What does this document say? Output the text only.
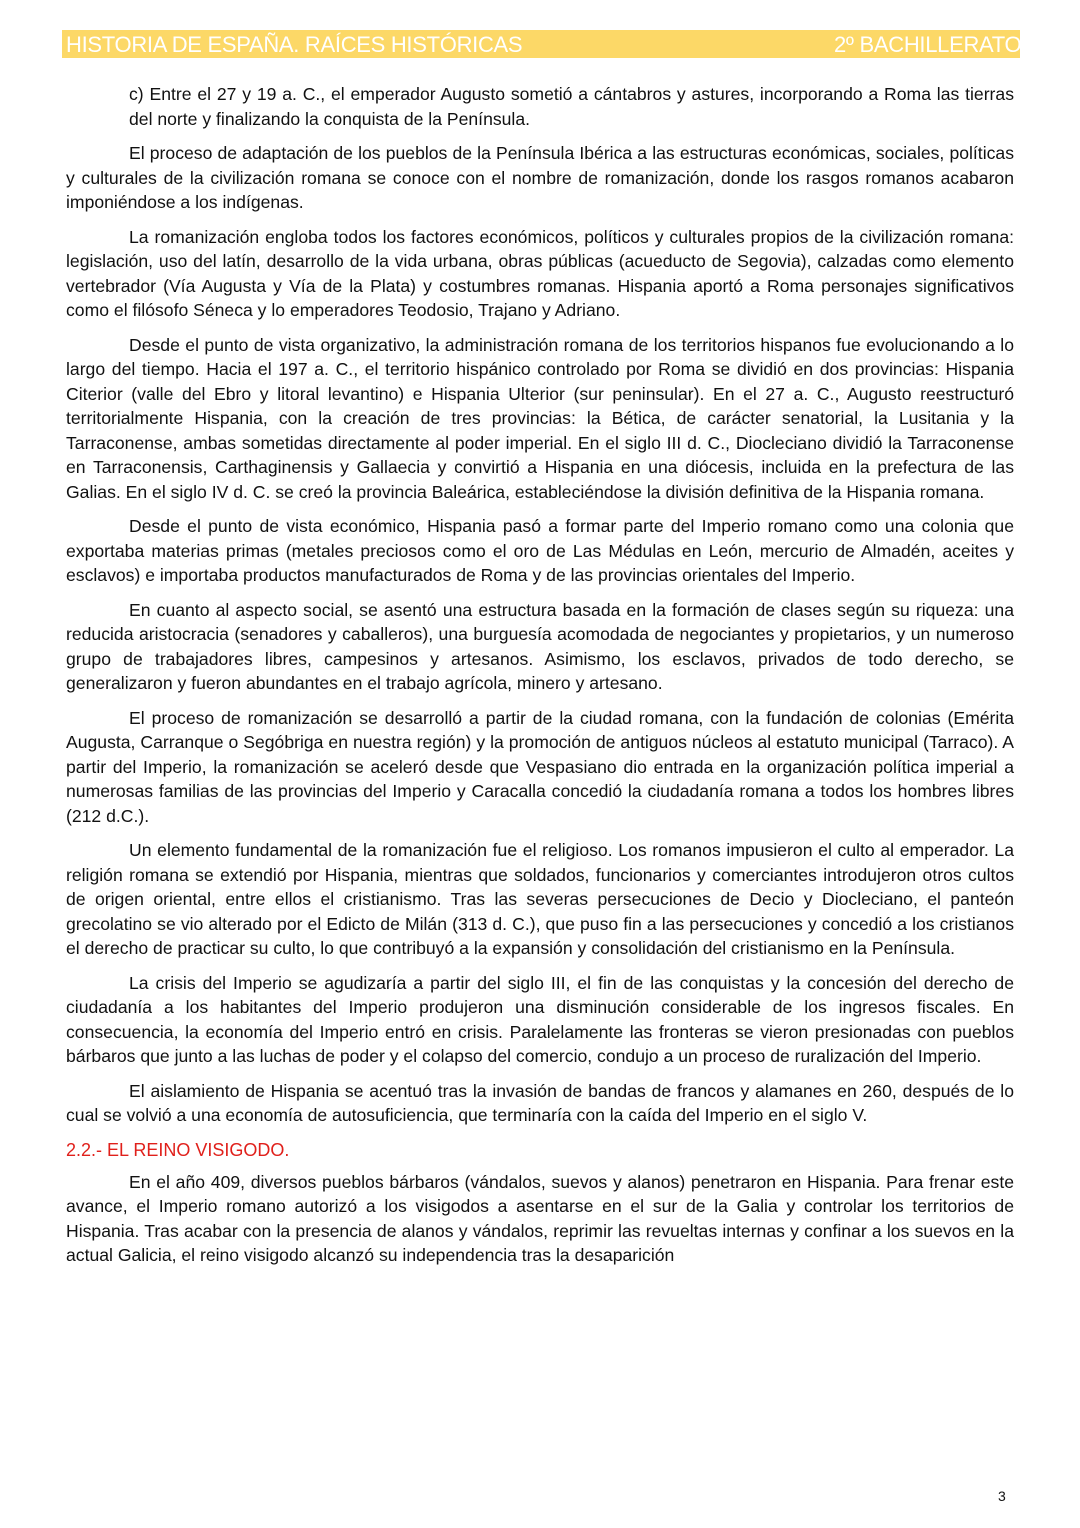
HISTORIA DE ESPAÑA. RAÍCES HISTÓRICAS	2º BACHILLERATO

c) Entre el 27 y 19 a. C., el emperador Augusto sometió a cántabros y astures, incorporando a Roma las tierras del norte y finalizando la conquista de la Península.

El proceso de adaptación de los pueblos de la Península Ibérica a las estructuras económicas, sociales, políticas y culturales de la civilización romana se conoce con el nombre de romanización, donde los rasgos romanos acabaron imponiéndose a los indígenas.

La romanización engloba todos los factores económicos, políticos y culturales propios de la civilización romana: legislación, uso del latín, desarrollo de la vida urbana, obras públicas (acueducto de Segovia), calzadas como elemento vertebrador (Vía Augusta y Vía de la Plata) y costumbres romanas. Hispania aportó a Roma personajes significativos como el filósofo Séneca y lo emperadores Teodosio, Trajano y Adriano.

Desde el punto de vista organizativo, la administración romana de los territorios hispanos fue evolucionando a lo largo del tiempo. Hacia el 197 a. C., el territorio hispánico controlado por Roma se dividió en dos provincias: Hispania Citerior (valle del Ebro y litoral levantino) e Hispania Ulterior (sur peninsular). En el 27 a. C., Augusto reestructuró territorialmente Hispania, con la creación de tres provincias: la Bética, de carácter senatorial, la Lusitania y la Tarraconense, ambas sometidas directamente al poder imperial. En el siglo III d. C., Diocleciano dividió la Tarraconense en Tarraconensis, Carthaginensis y Gallaecia y convirtió a Hispania en una diócesis, incluida en la prefectura de las Galias. En el siglo IV d. C. se creó la provincia Baleárica, estableciéndose la división definitiva de la Hispania romana.

Desde el punto de vista económico, Hispania pasó a formar parte del Imperio romano como una colonia que exportaba materias primas (metales preciosos como el oro de Las Médulas en León, mercurio de Almadén, aceites y esclavos) e importaba productos manufacturados de Roma y de las provincias orientales del Imperio.

En cuanto al aspecto social, se asentó una estructura basada en la formación de clases según su riqueza: una reducida aristocracia (senadores y caballeros), una burguesía acomodada de negociantes y propietarios, y un numeroso grupo de trabajadores libres, campesinos y artesanos. Asimismo, los esclavos, privados de todo derecho, se generalizaron y fueron abundantes en el trabajo agrícola, minero y artesano.

El proceso de romanización se desarrolló a partir de la ciudad romana, con la fundación de colonias (Emérita Augusta, Carranque o Segóbriga en nuestra región) y la promoción de antiguos núcleos al estatuto municipal (Tarraco). A partir del Imperio, la romanización se aceleró desde que Vespasiano dio entrada en la organización política imperial a numerosas familias de las provincias del Imperio y Caracalla concedió la ciudadanía romana a todos los hombres libres (212 d.C.).

Un elemento fundamental de la romanización fue el religioso. Los romanos impusieron el culto al emperador. La religión romana se extendió por Hispania, mientras que soldados, funcionarios y comerciantes introdujeron otros cultos de origen oriental, entre ellos el cristianismo. Tras las severas persecuciones de Decio y Diocleciano, el panteón grecolatino se vio alterado por el Edicto de Milán (313 d. C.), que puso fin a las persecuciones y concedió a los cristianos el derecho de practicar su culto, lo que contribuyó a la expansión y consolidación del cristianismo en la Península.

La crisis del Imperio se agudizaría a partir del siglo III, el fin de las conquistas y la concesión del derecho de ciudadanía a los habitantes del Imperio produjeron una disminución considerable de los ingresos fiscales. En consecuencia, la economía del Imperio entró en crisis. Paralelamente las fronteras se vieron presionadas con pueblos bárbaros que junto a las luchas de poder y el colapso del comercio, condujo a un proceso de ruralización del Imperio.

El aislamiento de Hispania se acentuó tras la invasión de bandas de francos y alamanes en 260, después de lo cual se volvió a una economía de autosuficiencia, que terminaría con la caída del Imperio en el siglo V.

2.2.- EL REINO VISIGODO.

En el año 409, diversos pueblos bárbaros (vándalos, suevos y alanos) penetraron en Hispania. Para frenar este avance, el Imperio romano autorizó a los visigodos a asentarse en el sur de la Galia y controlar los territorios de Hispania. Tras acabar con la presencia de alanos y vándalos, reprimir las revueltas internas y confinar a los suevos en la actual Galicia, el reino visigodo alcanzó su independencia tras la desaparición

3
